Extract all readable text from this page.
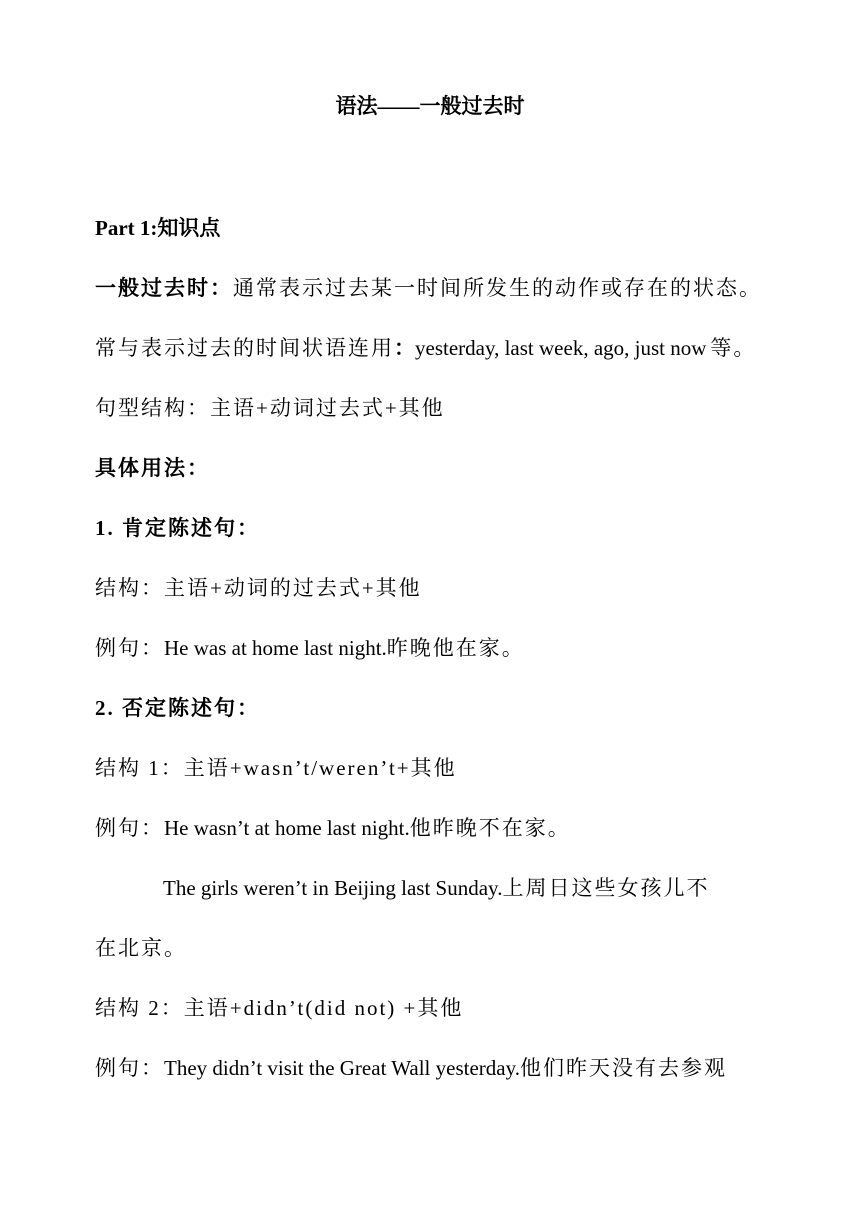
语法——一般过去时
Part 1:知识点
一般过去时：通常表示过去某一时间所发生的动作或存在的状态。
常与表示过去的时间状语连用：yesterday, last week, ago, just now 等。
句型结构：主语+动词过去式+其他
具体用法：
1. 肯定陈述句：
结构：主语+动词的过去式+其他
例句：He was at home last night.昨晚他在家。
2. 否定陈述句：
结构 1：主语+wasn’t/weren’t+其他
例句：He wasn’t at home last night.他昨晚不在家。
The girls weren’t in Beijing last Sunday.上周日这些女孩儿不
在北京。
结构 2：主语+didn’t(did not) +其他
例句：They didn’t visit the Great Wall yesterday.他们昨天没有去参观
